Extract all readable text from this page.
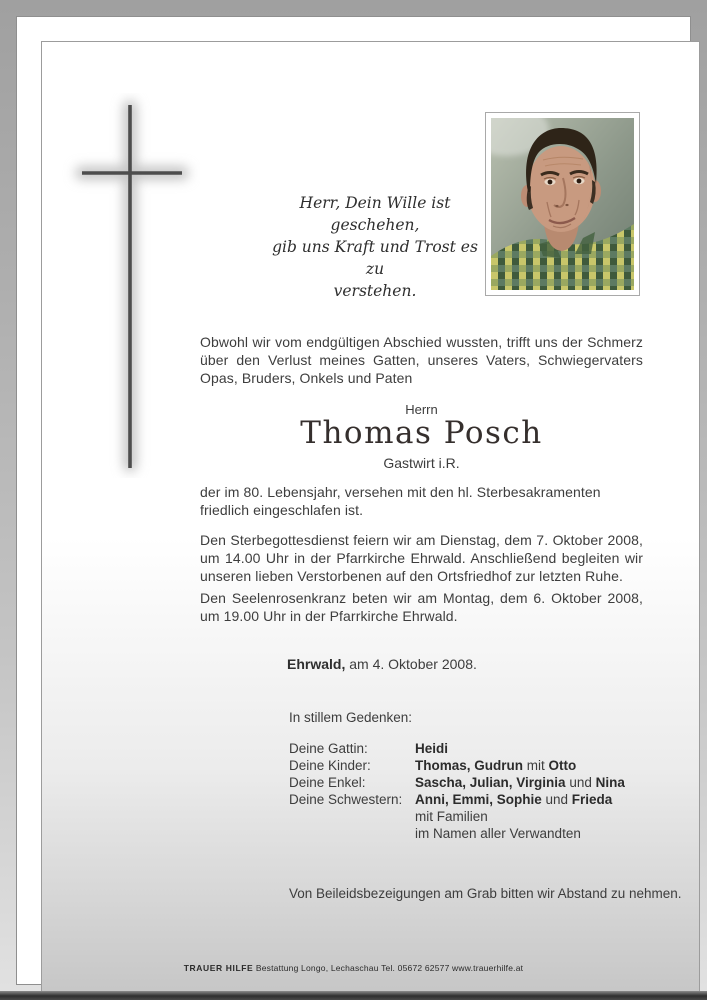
Herr, Dein Wille ist geschehen,
gib uns Kraft und Trost es zu
verstehen.

Obwohl wir vom endgültigen Abschied wussten, trifft uns der Schmerz über den Verlust meines Gatten, unseres Vaters, Schwiegervaters Opas, Bruders, Onkels und Paten

Herrn
Thomas Posch
Gastwirt i.R.

der im 80. Lebensjahr, versehen mit den hl. Sterbesakramenten friedlich eingeschlafen ist.

Den Sterbegottesdienst feiern wir am Dienstag, dem 7. Oktober 2008, um 14.00 Uhr in der Pfarrkirche Ehrwald. Anschließend begleiten wir unseren lieben Verstorbenen auf den Ortsfriedhof zur letzten Ruhe.

Den Seelenrosenkranz beten wir am Montag, dem 6. Oktober 2008, um 19.00 Uhr in der Pfarrkirche Ehrwald.

Ehrwald, am 4. Oktober 2008.
In stillem Gedenken:
Deine Gattin:	Heidi
Deine Kinder:	Thomas, Gudrun mit Otto
Deine Enkel:	Sascha, Julian, Virginia und Nina
Deine Schwestern: Anni, Emmi, Sophie und Frieda
mit Familien
im Namen aller Verwandten
Von Beileidsbezeigungen am Grab bitten wir Abstand zu nehmen.
TRAUER HILFE Bestattung Longo, Lechaschau Tel. 05672 62577 www.trauerhilfe.at
